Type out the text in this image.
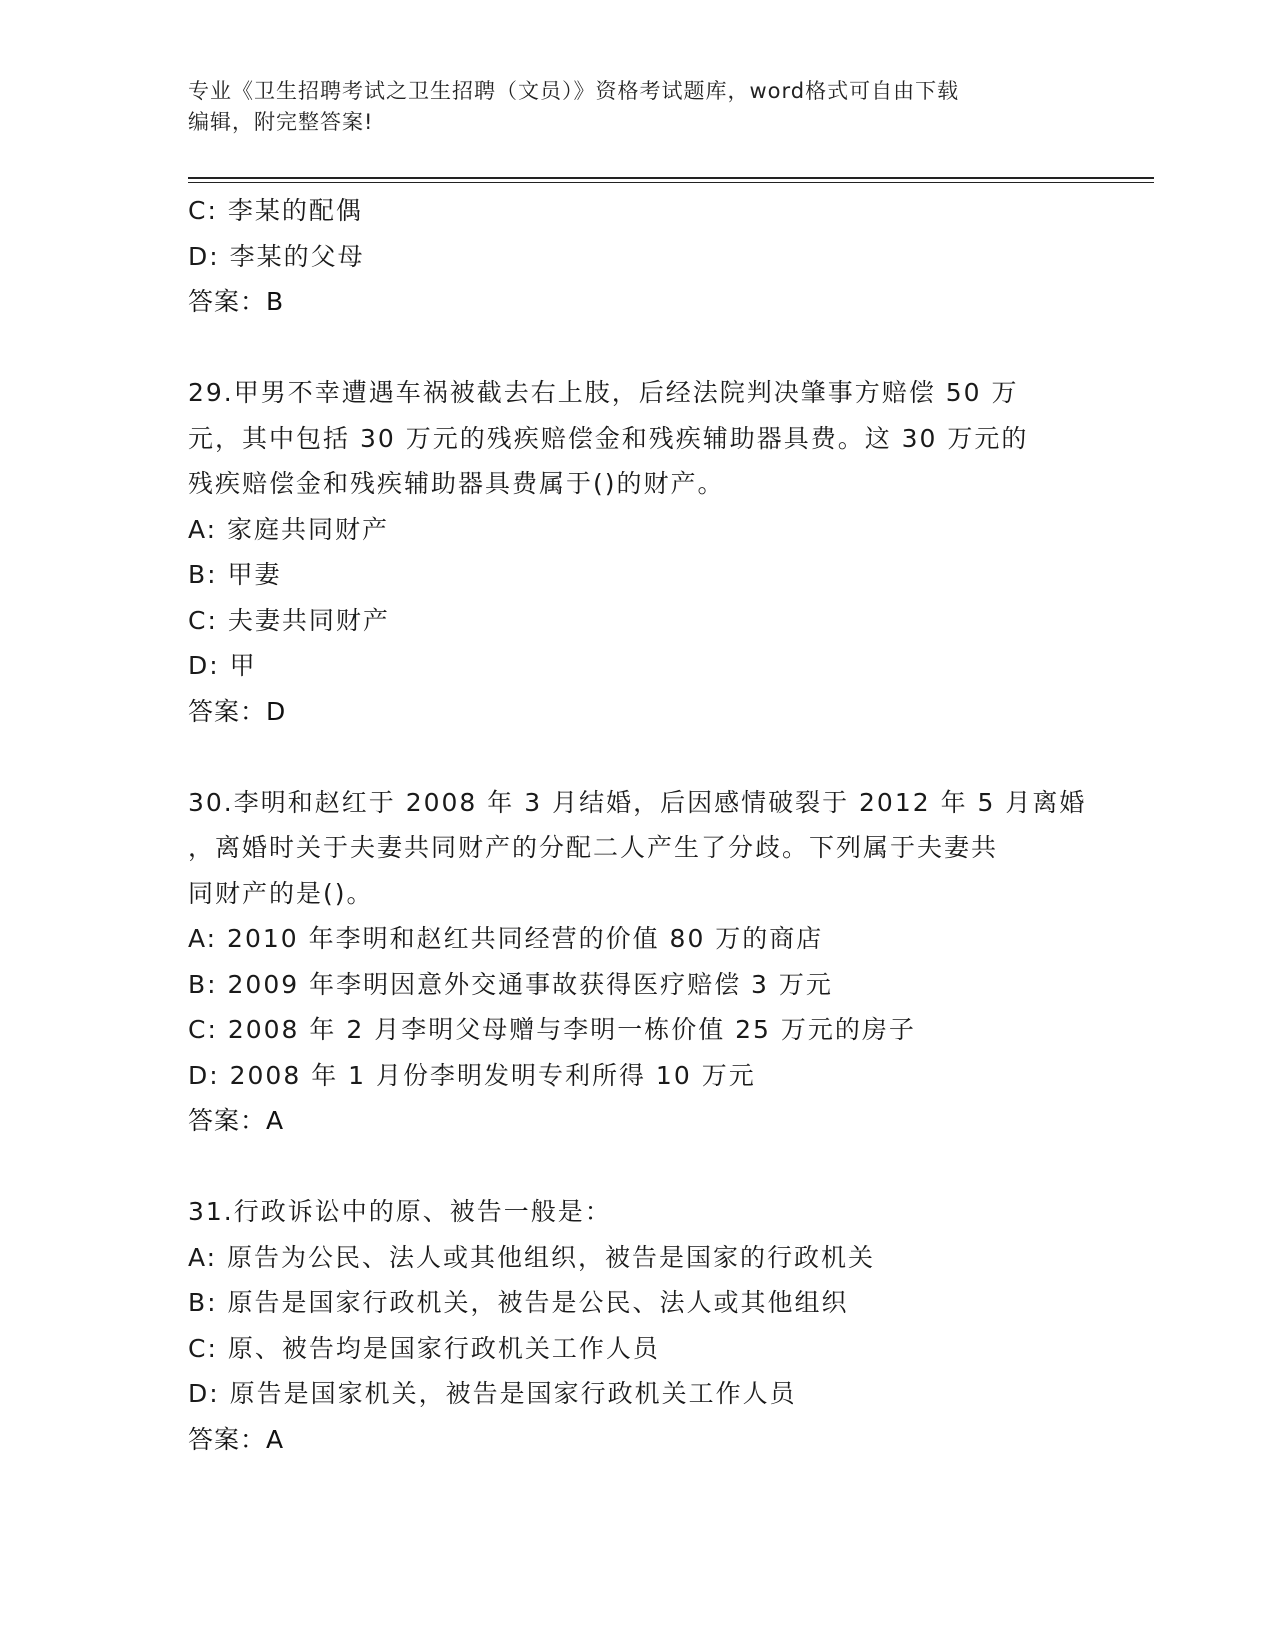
专业《卫生招聘考试之卫生招聘（文员）》资格考试题库，word格式可自由下载
编辑，附完整答案!
C: 李某的配偶
D: 李某的父母
答案：B
29.甲男不幸遭遇车祸被截去右上肢，后经法院判决肇事方赔偿 50 万
元，其中包括 30 万元的残疾赔偿金和残疾辅助器具费。这 30 万元的
残疾赔偿金和残疾辅助器具费属于()的财产。
A: 家庭共同财产
B: 甲妻
C: 夫妻共同财产
D: 甲
答案：D
30.李明和赵红于 2008 年 3 月结婚，后因感情破裂于 2012 年 5 月离婚
，离婚时关于夫妻共同财产的分配二人产生了分歧。下列属于夫妻共
同财产的是()。
A: 2010 年李明和赵红共同经营的价值 80 万的商店
B: 2009 年李明因意外交通事故获得医疗赔偿 3 万元
C: 2008 年 2 月李明父母赠与李明一栋价值 25 万元的房子
D: 2008 年 1 月份李明发明专利所得 10 万元
答案：A
31.行政诉讼中的原、被告一般是：
A: 原告为公民、法人或其他组织，被告是国家的行政机关
B: 原告是国家行政机关，被告是公民、法人或其他组织
C: 原、被告均是国家行政机关工作人员
D: 原告是国家机关，被告是国家行政机关工作人员
答案：A
